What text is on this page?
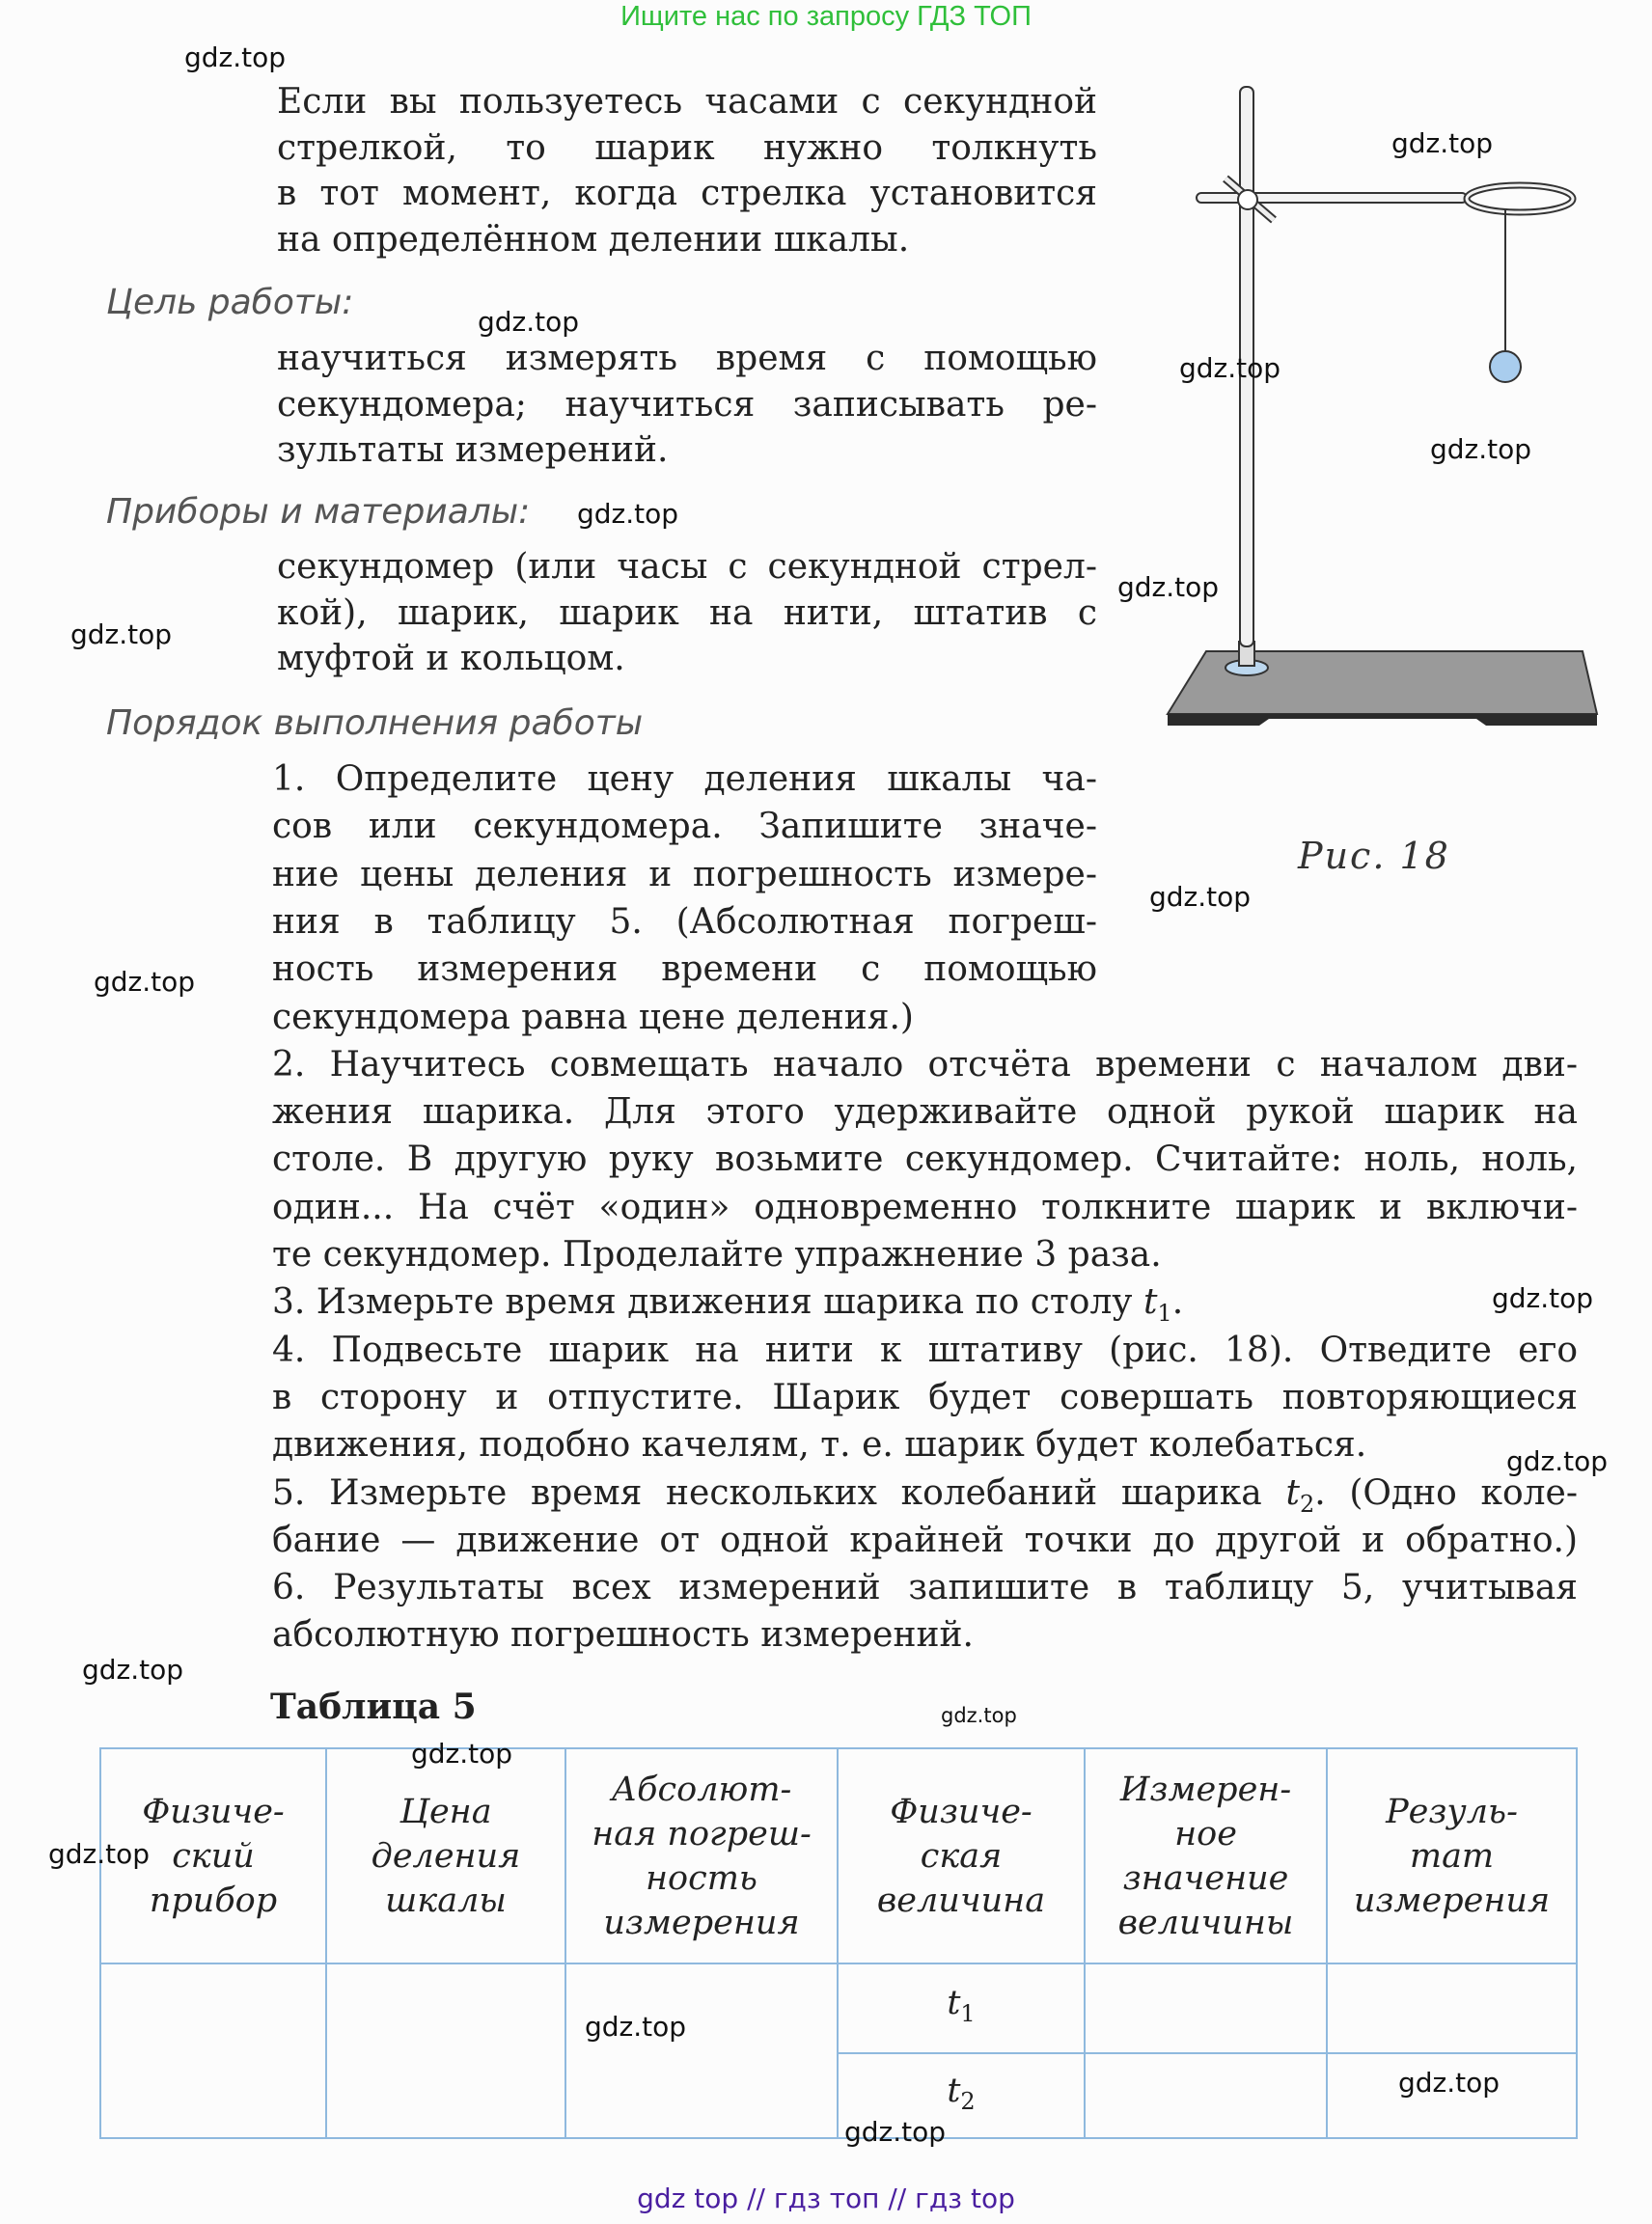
Ищите нас по запросу ГДЗ ТОП
Если вы пользуетесь часами с секундной
стрелкой, то шарик нужно толкнуть
в тот момент, когда стрелка установится
на определённом делении шкалы.
Цель работы:
научиться измерять время с помощью
секундомера; научиться записывать ре-
зультаты измерений.
Приборы и материалы:
секундомер (или часы с секундной стрел-
кой), шарик, шарик на нити, штатив с
муфтой и кольцом.
Порядок выполнения работы
1. Определите цену деления шкалы ча-
сов или секундомера. Запишите значе-
ние цены деления и погрешность измере-
ния в таблицу 5. (Абсолютная погреш-
ность измерения времени с помощью
секундомера равна цене деления.)
2. Научитесь совмещать начало отсчёта времени с началом дви-
жения шарика. Для этого удерживайте одной рукой шарик на
столе. В другую руку возьмите секундомер. Считайте: ноль, ноль,
один... На счёт «один» одновременно толкните шарик и включи-
те секундомер. Проделайте упражнение 3 раза.
3. Измерьте время движения шарика по столу $t_1$.
4. Подвесьте шарик на нити к штативу (рис. 18). Отведите его
в сторону и отпустите. Шарик будет совершать повторяющиеся
движения, подобно качелям, т. е. шарик будет колебаться.
5. Измерьте время нескольких колебаний шарика $t_2$. (Одно коле-
бание — движение от одной крайней точки до другой и обратно.)
6. Результаты всех измерений запишите в таблицу 5, учитывая
абсолютную погрешность измерений.
Рис. 18
Таблица 5
Физиче-
ский
прибор	Цена
деления
шкалы	Абсолют-
ная погреш-
ность
измерения	Физиче-
ская
величина	Измерен-
ное
значение
величины	Резуль-
тат
измерения
			$t_1$		
			$t_2$		
gdz.top
gdz.top
gdz.top
gdz.top
gdz.top
gdz.top
gdz.top
gdz.top
gdz.top
gdz.top
gdz.top
gdz.top
gdz.top
gdz.top
gdz.top
gdz.top
gdz.top
gdz.top
gdz.top
gdz top // гдз топ // гдз top
